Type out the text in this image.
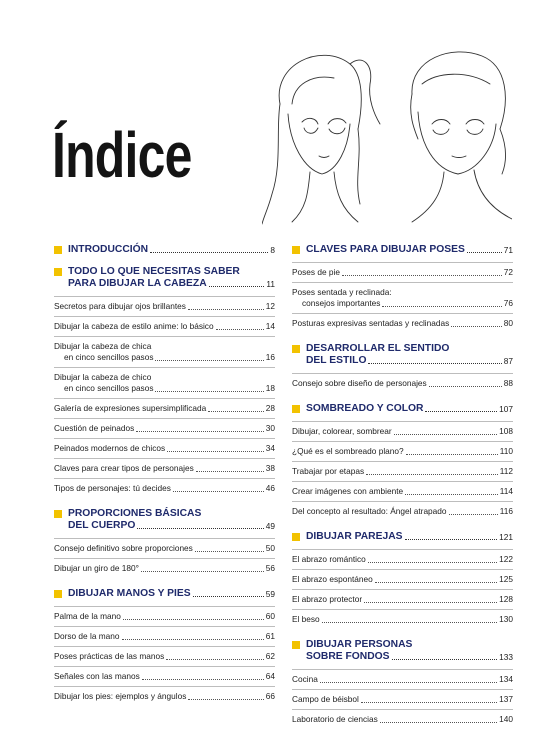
Índice
INTRODUCCIÓN	8
TODO LO QUE NECESITAS SABER
PARA DIBUJAR LA CABEZA	11
Secretos para dibujar ojos brillantes	12
Dibujar la cabeza de estilo anime: lo básico	14
Dibujar la cabeza de chica
en cinco sencillos pasos	16
Dibujar la cabeza de chico
en cinco sencillos pasos	18
Galería de expresiones supersimplificada	28
Cuestión de peinados	30
Peinados modernos de chicos	34
Claves para crear tipos de personajes	38
Tipos de personajes: tú decides	46
PROPORCIONES BÁSICAS
DEL CUERPO	49
Consejo definitivo sobre proporciones	50
Dibujar un giro de 180°	56
DIBUJAR MANOS Y PIES	59
Palma de la mano	60
Dorso de la mano	61
Poses prácticas de las manos	62
Señales con las manos	64
Dibujar los pies: ejemplos y ángulos	66
CLAVES PARA DIBUJAR POSES	71
Poses de pie	72
Poses sentada y reclinada:
consejos importantes	76
Posturas expresivas sentadas y reclinadas	80
DESARROLLAR EL SENTIDO
DEL ESTILO	87
Consejo sobre diseño de personajes	88
SOMBREADO Y COLOR	107
Dibujar, colorear, sombrear	108
¿Qué es el sombreado plano?	110
Trabajar por etapas	112
Crear imágenes con ambiente	114
Del concepto al resultado: Ángel atrapado	116
DIBUJAR PAREJAS	121
El abrazo romántico	122
El abrazo espontáneo	125
El abrazo protector	128
El beso	130
DIBUJAR PERSONAS
SOBRE FONDOS	133
Cocina	134
Campo de béisbol	137
Laboratorio de ciencias	140
